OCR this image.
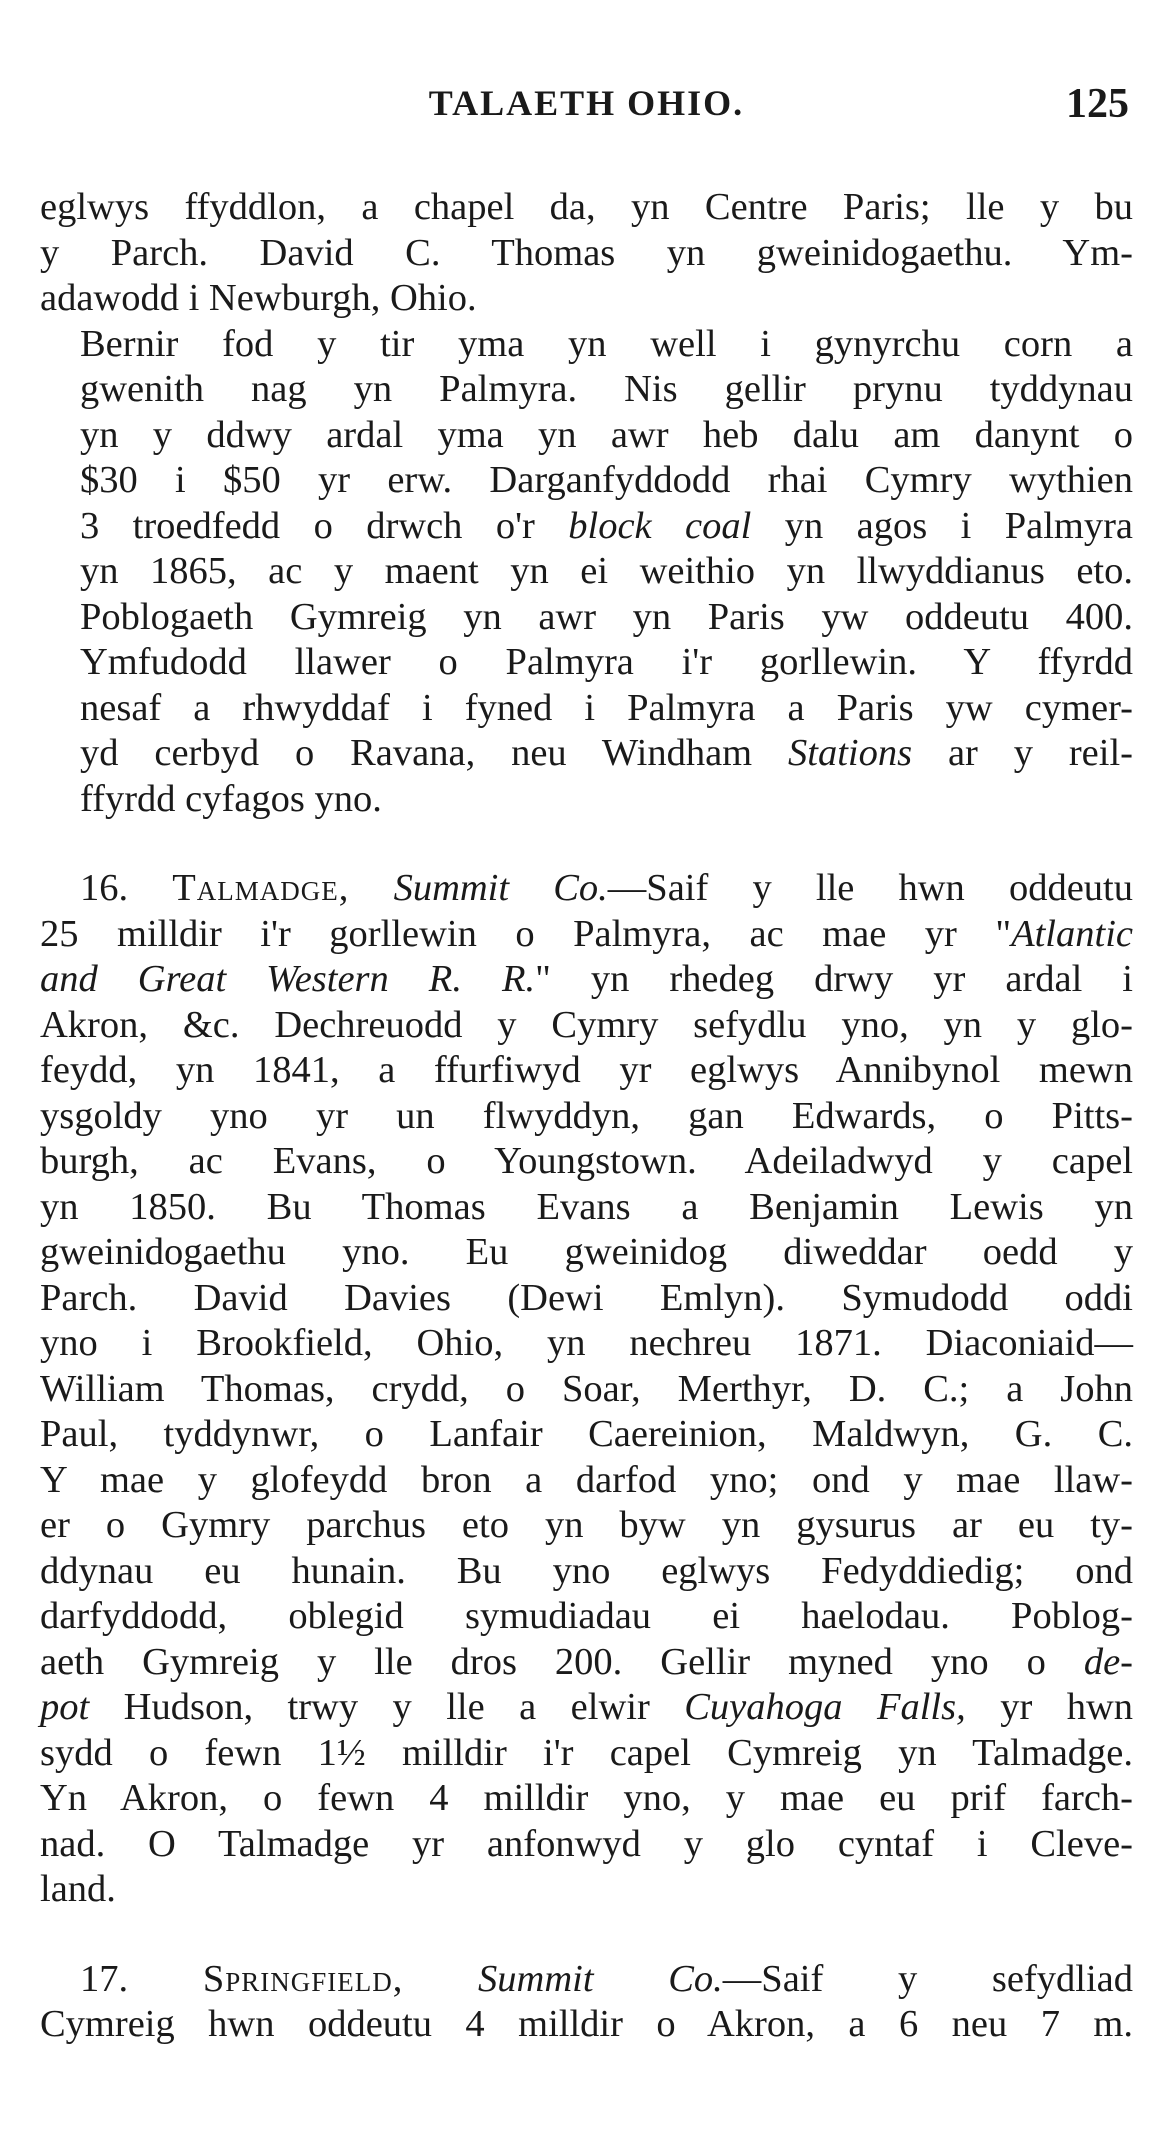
TALAETH OHIO.	125
eglwys ffyddlon, a chapel da, yn Centre Paris; lle y bu
y Parch. David C. Thomas yn gweinidogaethu. Ym-
adawodd i Newburgh, Ohio.
Bernir fod y tir yma yn well i gynyrchu corn a
gwenith nag yn Palmyra. Nis gellir prynu tyddynau
yn y ddwy ardal yma yn awr heb dalu am danynt o
$30 i $50 yr erw. Darganfyddodd rhai Cymry wythien
3 troedfedd o drwch o'r block coal yn agos i Palmyra
yn 1865, ac y maent yn ei weithio yn llwyddianus eto.
Poblogaeth Gymreig yn awr yn Paris yw oddeutu 400.
Ymfudodd llawer o Palmyra i'r gorllewin. Y ffyrdd
nesaf a rhwyddaf i fyned i Palmyra a Paris yw cymer-
yd cerbyd o Ravana, neu Windham Stations ar y reil-
ffyrdd cyfagos yno.
16. Talmadge, Summit Co.—Saif y lle hwn oddeutu
25 milldir i'r gorllewin o Palmyra, ac mae yr "Atlantic
and Great Western R. R." yn rhedeg drwy yr ardal i
Akron, &c. Dechreuodd y Cymry sefydlu yno, yn y glo-
feydd, yn 1841, a ffurfiwyd yr eglwys Annibynol mewn
ysgoldy yno yr un flwyddyn, gan Edwards, o Pitts-
burgh, ac Evans, o Youngstown. Adeiladwyd y capel
yn 1850. Bu Thomas Evans a Benjamin Lewis yn
gweinidogaethu yno. Eu gweinidog diweddar oedd y
Parch. David Davies (Dewi Emlyn). Symudodd oddi
yno i Brookfield, Ohio, yn nechreu 1871. Diaconiaid—
William Thomas, crydd, o Soar, Merthyr, D. C.; a John
Paul, tyddynwr, o Lanfair Caereinion, Maldwyn, G. C.
Y mae y glofeydd bron a darfod yno; ond y mae llaw-
er o Gymry parchus eto yn byw yn gysurus ar eu ty-
ddynau eu hunain. Bu yno eglwys Fedyddiedig; ond
darfyddodd, oblegid symudiadau ei haelodau. Poblog-
aeth Gymreig y lle dros 200. Gellir myned yno o de-
pot Hudson, trwy y lle a elwir Cuyahoga Falls, yr hwn
sydd o fewn 1½ milldir i'r capel Cymreig yn Talmadge.
Yn Akron, o fewn 4 milldir yno, y mae eu prif farch-
nad. O Talmadge yr anfonwyd y glo cyntaf i Cleve-
land.
17. Springfield, Summit Co.—Saif y sefydliad
Cymreig hwn oddeutu 4 milldir o Akron, a 6 neu 7 m.
